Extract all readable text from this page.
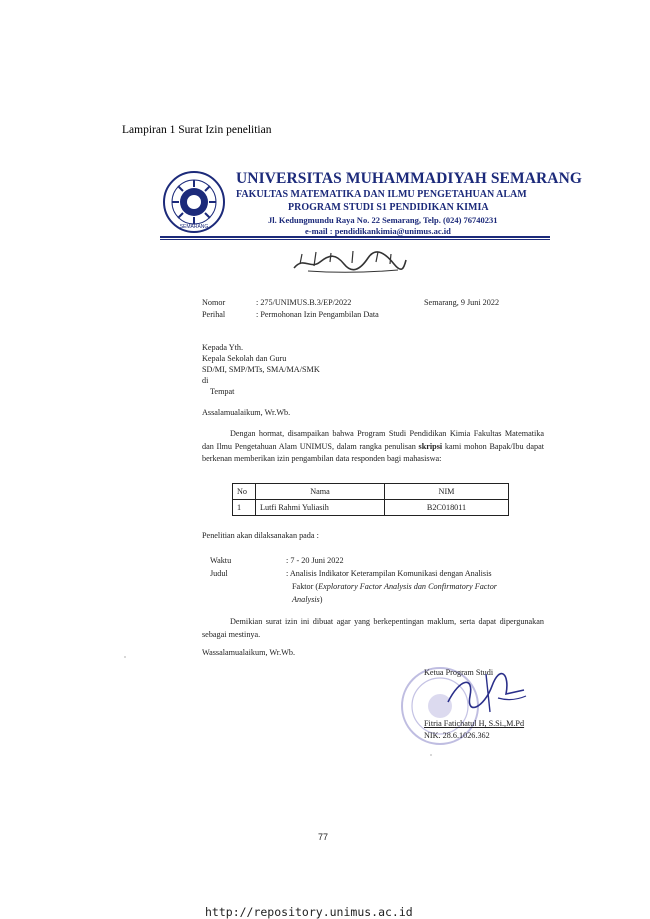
Lampiran 1 Surat Izin penelitian
SEMARANG
UNIVERSITAS MUHAMMADIYAH SEMARANG
FAKULTAS MATEMATIKA DAN ILMU PENGETAHUAN ALAM
PROGRAM STUDI S1 PENDIDIKAN KIMIA
Jl. Kedungmundu Raya No. 22 Semarang, Telp. (024) 76740231
e-mail : pendidikankimia@unimus.ac.id
Nomor	: 275/UNIMUS.B.3/EP/2022	Semarang, 9 Juni 2022
Perihal	: Permohonan Izin Pengambilan Data
Kepada Yth.
Kepala Sekolah dan Guru
SD/MI, SMP/MTs, SMA/MA/SMK
di
Tempat
Assalamualaikum, Wr.Wb.
Dengan hormat, disampaikan bahwa Program Studi Pendidikan Kimia Fakultas Matematika dan Ilmu Pengetahuan Alam UNIMUS, dalam rangka penulisan skripsi kami mohon Bapak/Ibu dapat berkenan memberikan izin pengambilan data responden bagi mahasiswa:
No	Nama	NIM
1	Lutfi Rahmi Yuliasih	B2C018011
Penelitian akan dilaksanakan pada :
Waktu	: 7 - 20 Juni 2022
Judul	: Analisis Indikator Keterampilan Komunikasi dengan Analisis
Faktor (Exploratory Factor Analysis dan Confirmatory Factor
Analysis)
Demikian surat izin ini dibuat agar yang berkepentingan maklum, serta dapat dipergunakan sebagai mestinya.
Wassalamualaikum, Wr.Wb.
Ketua Program Studi
Fitria Fatichatul H, S.Si.,M.Pd
NIK. 28.6.1026.362
77
http://repository.unimus.ac.id
